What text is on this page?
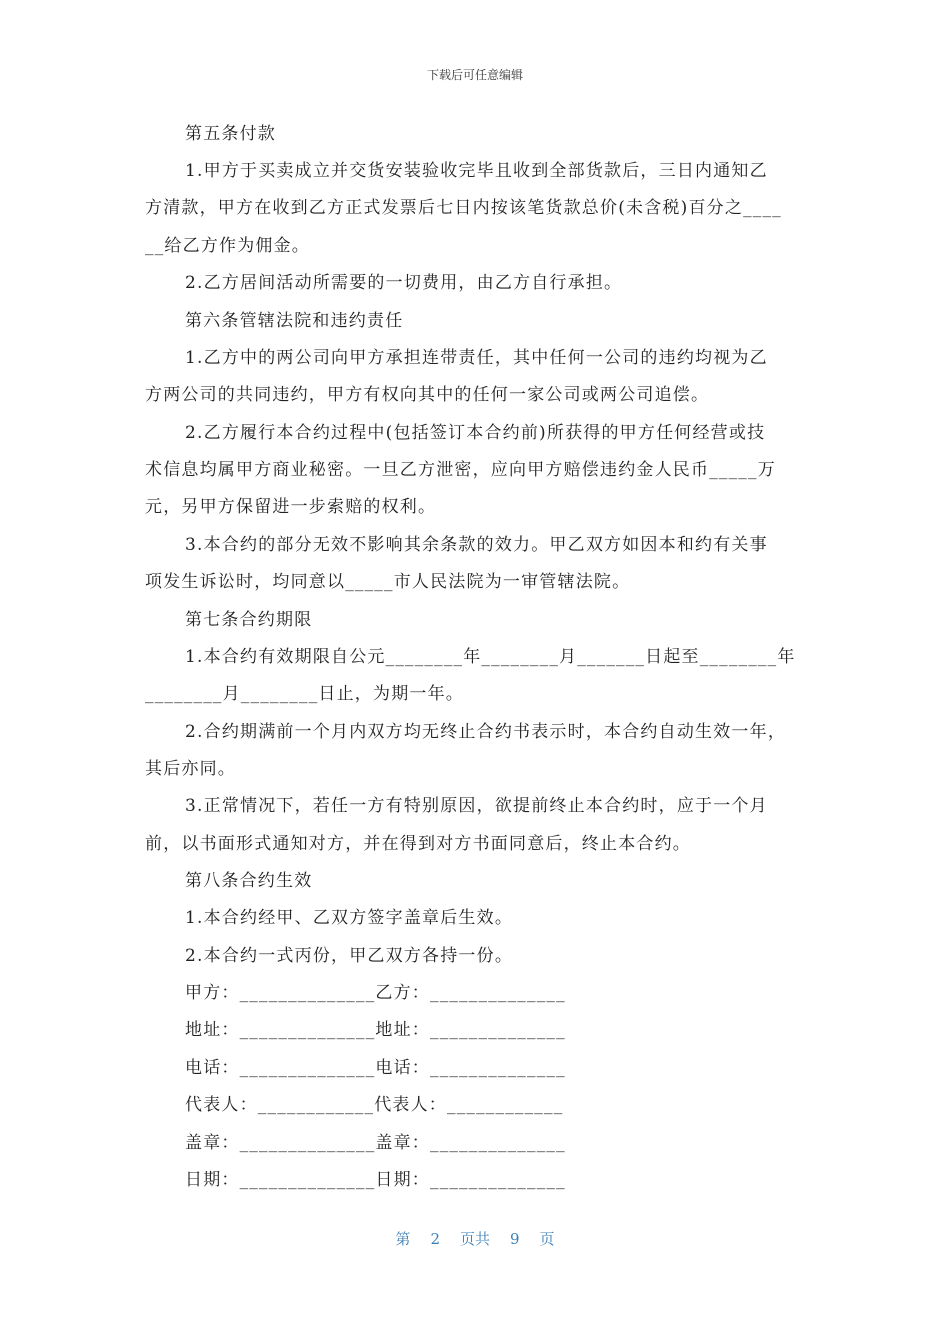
下载后可任意编辑
第五条付款
1.甲方于买卖成立并交货安装验收完毕且收到全部货款后，三日内通知乙
方清款，甲方在收到乙方正式发票后七日内按该笔货款总价(未含税)百分之____
__给乙方作为佣金。
2.乙方居间活动所需要的一切费用，由乙方自行承担。
第六条管辖法院和违约责任
1.乙方中的两公司向甲方承担连带责任，其中任何一公司的违约均视为乙
方两公司的共同违约，甲方有权向其中的任何一家公司或两公司追偿。
2.乙方履行本合约过程中(包括签订本合约前)所获得的甲方任何经营或技
术信息均属甲方商业秘密。一旦乙方泄密，应向甲方赔偿违约金人民币_____万
元，另甲方保留进一步索赔的权利。
3.本合约的部分无效不影响其余条款的效力。甲乙双方如因本和约有关事
项发生诉讼时，均同意以_____市人民法院为一审管辖法院。
第七条合约期限
1.本合约有效期限自公元________年________月_______日起至________年
________月________日止，为期一年。
2.合约期满前一个月内双方均无终止合约书表示时，本合约自动生效一年，
其后亦同。
3.正常情况下，若任一方有特别原因，欲提前终止本合约时，应于一个月
前，以书面形式通知对方，并在得到对方书面同意后，终止本合约。
第八条合约生效
1.本合约经甲、乙双方签字盖章后生效。
2.本合约一式丙份，甲乙双方各持一份。
甲方：______________乙方：______________
地址：______________地址：______________
电话：______________电话：______________
代表人：____________代表人：____________
盖章：______________盖章：______________
日期：______________日期：______________
第 2 页共 9 页
